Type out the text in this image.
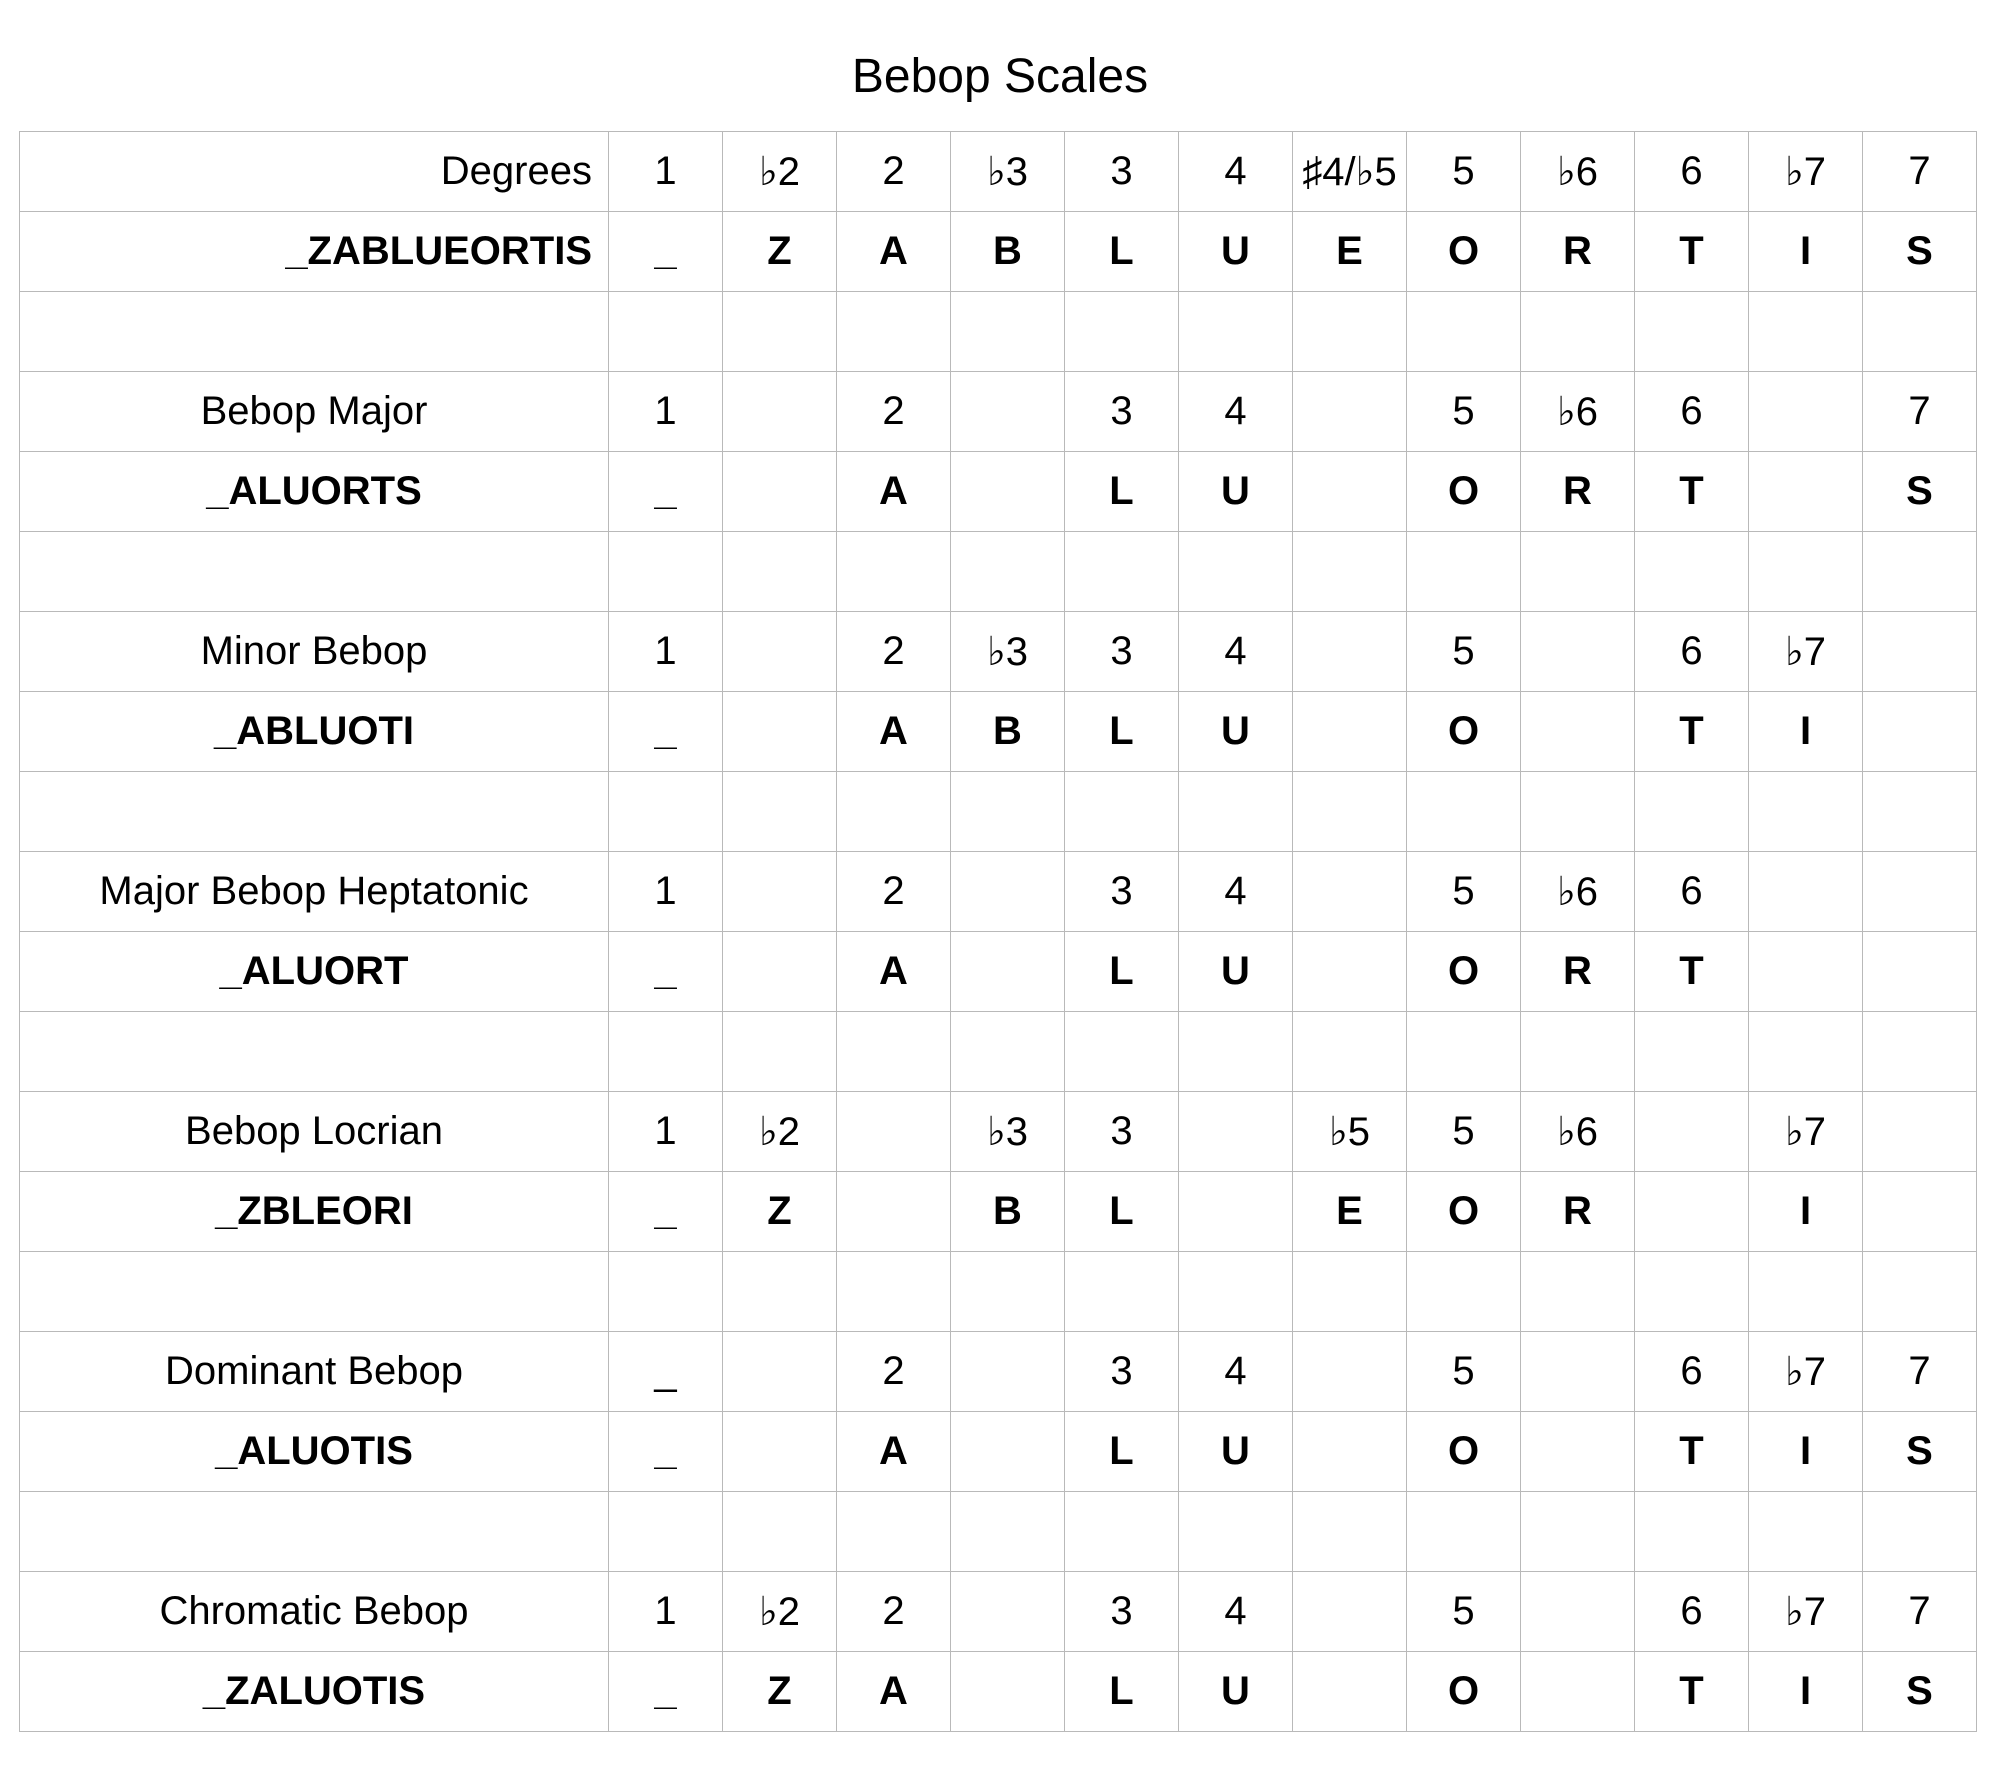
Bebop Scales
Degrees	1	♭2	2	♭3	3	4	♯4/♭5	5	♭6	6	♭7	7
_ZABLUEORTIS	_	Z	A	B	L	U	E	O	R	T	I	S

Bebop Major	1		2		3	4		5	♭6	6		7
_ALUORTS	_		A		L	U		O	R	T		S

Minor Bebop	1		2	♭3	3	4		5		6	♭7	
_ABLUOTI	_		A	B	L	U		O		T	I	

Major Bebop Heptatonic	1		2		3	4		5	♭6	6		
_ALUORT	_		A		L	U		O	R	T		

Bebop Locrian	1	♭2		♭3	3		♭5	5	♭6		♭7	
_ZBLEORI	_	Z		B	L		E	O	R		I	

Dominant Bebop	_		2		3	4		5		6	♭7	7
_ALUOTIS	_		A		L	U		O		T	I	S

Chromatic Bebop	1	♭2	2		3	4		5		6	♭7	7
_ZALUOTIS	_	Z	A		L	U		O		T	I	S
